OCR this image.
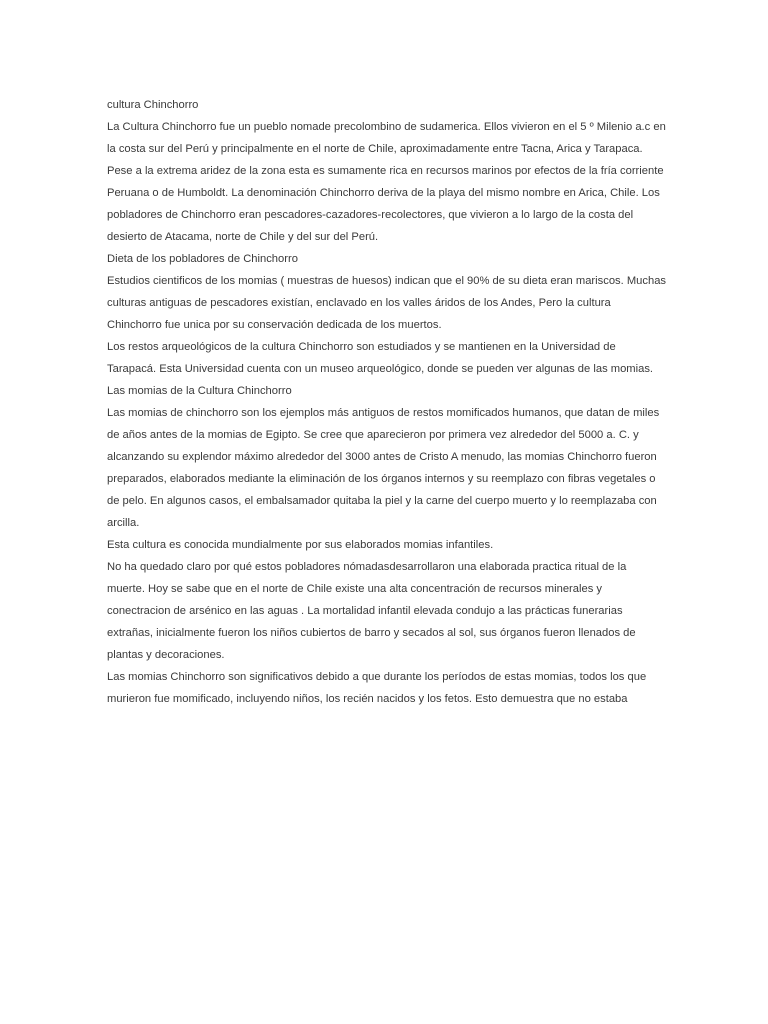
cultura Chinchorro

La Cultura Chinchorro fue un pueblo nomade precolombino de sudamerica. Ellos vivieron en el 5 º Milenio a.c en la costa sur del Perú y principalmente en el norte de Chile, aproximadamente entre Tacna, Arica y Tarapaca. Pese a la extrema aridez de la zona esta es sumamente rica en recursos marinos por efectos de la fría corriente Peruana o de Humboldt. La denominación Chinchorro deriva de la playa del mismo nombre en Arica, Chile. Los pobladores de Chinchorro eran pescadores-cazadores-recolectores, que vivieron a lo largo de la costa del desierto de Atacama, norte de Chile y del sur del Perú.

Dieta de los pobladores de Chinchorro

Estudios cientificos de los momias ( muestras de huesos) indican que el 90% de su dieta eran mariscos. Muchas culturas antiguas de pescadores existían, enclavado en los valles áridos de los Andes, Pero la cultura Chinchorro fue unica por su conservación dedicada de los muertos.

Los restos arqueológicos de la cultura Chinchorro son estudiados y se mantienen en la Universidad de Tarapacá. Esta Universidad cuenta con un museo arqueológico, donde se pueden ver algunas de las momias.

Las momias de la Cultura Chinchorro

Las momias de chinchorro son los ejemplos más antiguos de restos momificados humanos, que datan de miles de años antes de la momias de Egipto. Se cree que aparecieron por primera vez alrededor del 5000 a. C. y alcanzando su explendor máximo alrededor del 3000 antes de Cristo A menudo, las momias Chinchorro fueron preparados, elaborados mediante la eliminación de los órganos internos y su reemplazo con fibras vegetales o de pelo. En algunos casos, el embalsamador quitaba la piel y la carne del cuerpo muerto y lo reemplazaba con arcilla.

Esta cultura es conocida mundialmente por sus elaborados momias infantiles.

No ha quedado claro por qué estos pobladores nómadasdesarrollaron una elaborada practica ritual de la muerte. Hoy se sabe que en el norte de Chile existe una alta concentración de recursos minerales y conectracion de arsénico en las aguas . La mortalidad infantil elevada condujo a las prácticas funerarias extrañas, inicialmente fueron los niños cubiertos de barro y secados al sol, sus órganos fueron llenados de plantas y decoraciones.

Las momias Chinchorro son significativos debido a que durante los períodos de estas momias, todos los que murieron fue momificado, incluyendo niños, los recién nacidos y los fetos. Esto demuestra que no estaba
